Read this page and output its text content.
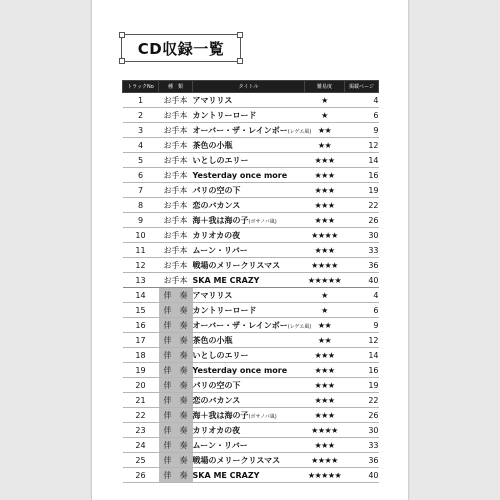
CD収録一覧
トラックNo	種　類	タイトル	難易度	掲載ページ
1	お手本	アマリリス	★	4
2	お手本	カントリーロード	★	6
3	お手本	オーバー・ザ・レインボー(レゲエ風)	★★	9
4	お手本	茶色の小瓶	★★	12
5	お手本	いとしのエリー	★★★	14
6	お手本	Yesterday once more	★★★	16
7	お手本	パリの空の下	★★★	19
8	お手本	恋のバカンス	★★★	22
9	お手本	海＋我は海の子(ボサノバ風)	★★★	26
10	お手本	カリオカの夜	★★★★	30
11	お手本	ムーン・リバー	★★★	33
12	お手本	戦場のメリークリスマス	★★★★	36
13	お手本	SKA ME CRAZY	★★★★★	40
14	伴　奏	アマリリス	★	4
15	伴　奏	カントリーロード	★	6
16	伴　奏	オーバー・ザ・レインボー(レゲエ風)	★★	9
17	伴　奏	茶色の小瓶	★★	12
18	伴　奏	いとしのエリー	★★★	14
19	伴　奏	Yesterday once more	★★★	16
20	伴　奏	パリの空の下	★★★	19
21	伴　奏	恋のバカンス	★★★	22
22	伴　奏	海＋我は海の子(ボサノバ風)	★★★	26
23	伴　奏	カリオカの夜	★★★★	30
24	伴　奏	ムーン・リバー	★★★	33
25	伴　奏	戦場のメリークリスマス	★★★★	36
26	伴　奏	SKA ME CRAZY	★★★★★	40
